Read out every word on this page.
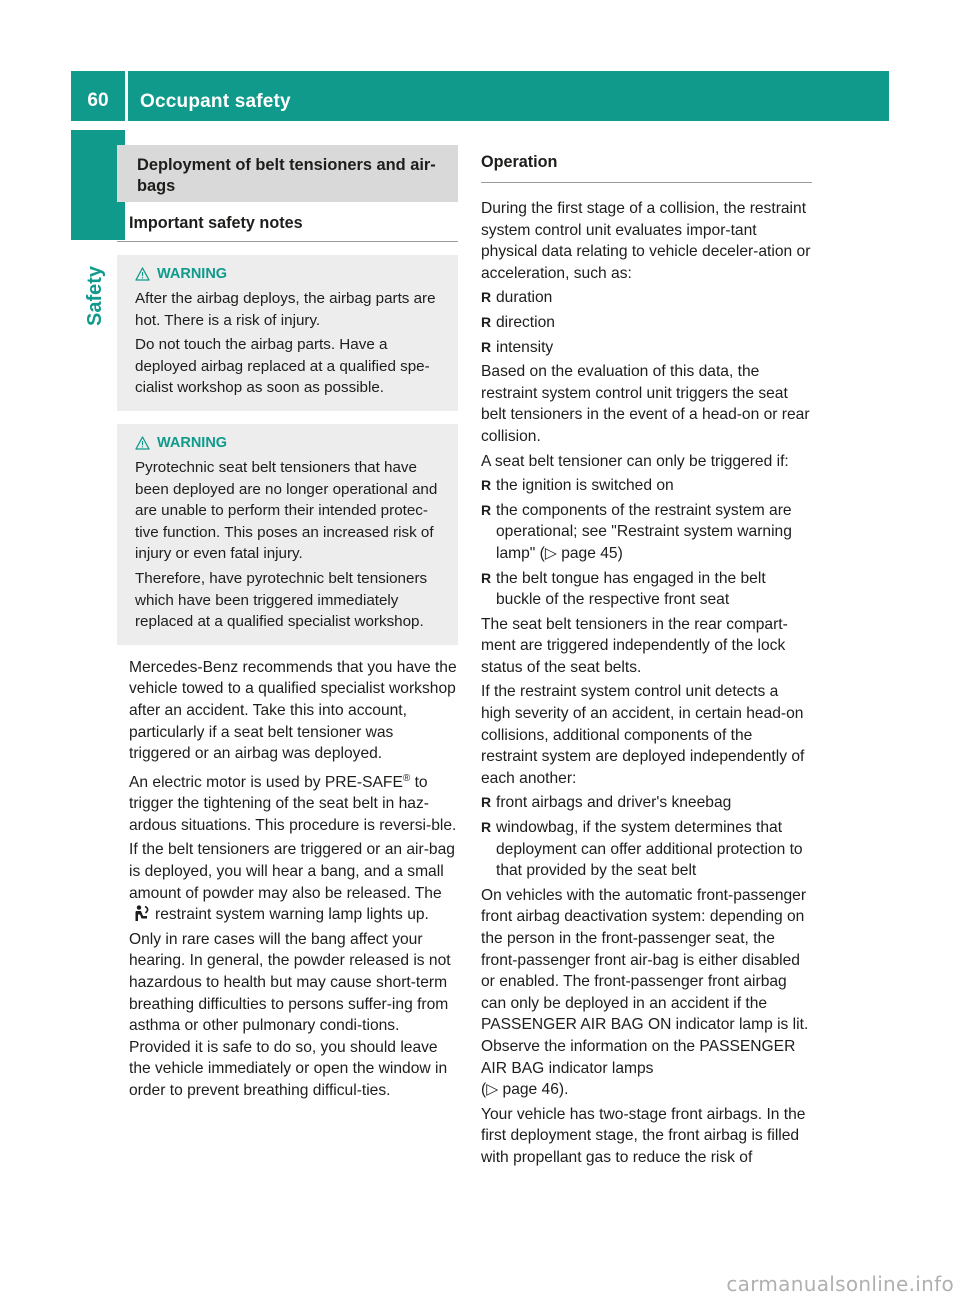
60	Occupant safety
Safety
Deployment of belt tensioners and air-bags
Important safety notes
WARNING

After the airbag deploys, the airbag parts are hot. There is a risk of injury.

Do not touch the airbag parts. Have a deployed airbag replaced at a qualified spe-cialist workshop as soon as possible.

WARNING

Pyrotechnic seat belt tensioners that have been deployed are no longer operational and are unable to perform their intended protec-tive function. This poses an increased risk of injury or even fatal injury.

Therefore, have pyrotechnic belt tensioners which have been triggered immediately replaced at a qualified specialist workshop.

Mercedes-Benz recommends that you have the vehicle towed to a qualified specialist workshop after an accident. Take this into account, particularly if a seat belt tensioner was triggered or an airbag was deployed.

An electric motor is used by PRE-SAFE® to trigger the tightening of the seat belt in haz-ardous situations. This procedure is reversi-ble.

If the belt tensioners are triggered or an air-bag is deployed, you will hear a bang, and a small amount of powder may also be released. Therestraint system warning lamp lights up.

Only in rare cases will the bang affect your hearing. In general, the powder released is not hazardous to health but may cause short-term breathing difficulties to persons suffer-ing from asthma or other pulmonary condi-tions. Provided it is safe to do so, you should leave the vehicle immediately or open the window in order to prevent breathing difficul-ties.

Operation

During the first stage of a collision, the restraint system control unit evaluates impor-tant physical data relating to vehicle deceler-ation or acceleration, such as:

R duration
R direction
R intensity

Based on the evaluation of this data, the restraint system control unit triggers the seat belt tensioners in the event of a head-on or rear collision.

A seat belt tensioner can only be triggered if:

R the ignition is switched on
R the components of the restraint system are operational; see "Restraint system warning lamp" (▷ page 45)
R the belt tongue has engaged in the belt buckle of the respective front seat

The seat belt tensioners in the rear compart-ment are triggered independently of the lock status of the seat belts.

If the restraint system control unit detects a high severity of an accident, in certain head-on collisions, additional components of the restraint system are deployed independently of each another:

R front airbags and driver's kneebag
R windowbag, if the system determines that deployment can offer additional protection to that provided by the seat belt

On vehicles with the automatic front-passenger front airbag deactivation system: depending on the person in the front-passenger seat, the front-passenger front air-bag is either disabled or enabled. The front-passenger front airbag can only be deployed in an accident if the PASSENGER AIR BAG ON indicator lamp is lit. Observe the information on the PASSENGER AIR BAG indicator lamps
(▷ page 46).

Your vehicle has two-stage front airbags. In the first deployment stage, the front airbag is filled with propellant gas to reduce the risk of

carmanualsonline.info
